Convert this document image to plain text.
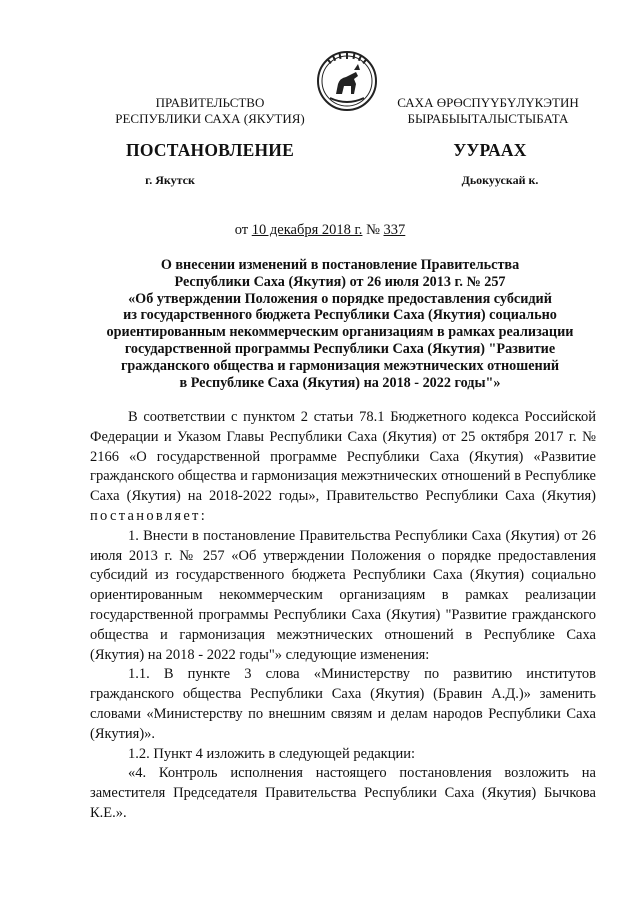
ПРАВИТЕЛЬСТВО
РЕСПУБЛИКИ САХА (ЯКУТИЯ)
САХА ӨРӨСПҮҮБҮЛҮКЭТИН
БЫРАБЫЫТАЛЫСТЫБАТА
ПОСТАНОВЛЕНИЕ	УУРААХ
г. Якутск	Дьокуускай к.
от 10 декабря 2018 г. № 337
О внесении изменений в постановление Правительства
Республики Саха (Якутия) от 26 июля 2013 г. № 257
«Об утверждении Положения о порядке предоставления субсидий
из государственного бюджета Республики Саха (Якутия) социально
ориентированным некоммерческим организациям в рамках реализации
государственной программы Республики Саха (Якутия) "Развитие
гражданского общества и гармонизация межэтнических отношений
в Республике Саха (Якутия) на 2018 - 2022 годы"»

В соответствии с пунктом 2 статьи 78.1 Бюджетного кодекса Российской Федерации и Указом Главы Республики Саха (Якутия) от 25 октября 2017 г. № 2166 «О государственной программе Республики Саха (Якутия) «Развитие гражданского общества и гармонизация межэтнических отношений в Республике Саха (Якутия) на 2018-2022 годы», Правительство Республики Саха (Якутия) постановляет:

1. Внести в постановление Правительства Республики Саха (Якутия) от 26 июля 2013 г. № 257 «Об утверждении Положения о порядке предоставления субсидий из государственного бюджета Республики Саха (Якутия) социально ориентированным некоммерческим организациям в рамках реализации государственной программы Республики Саха (Якутия) "Развитие гражданского общества и гармонизация межэтнических отношений в Республике Саха (Якутия) на 2018 - 2022 годы"» следующие изменения:

1.1. В пункте 3 слова «Министерству по развитию институтов гражданского общества Республики Саха (Якутия) (Бравин А.Д.)» заменить словами «Министерству по внешним связям и делам народов Республики Саха (Якутия)».

1.2. Пункт 4 изложить в следующей редакции:

«4. Контроль исполнения настоящего постановления возложить на заместителя Председателя Правительства Республики Саха (Якутия) Бычкова К.Е.».
